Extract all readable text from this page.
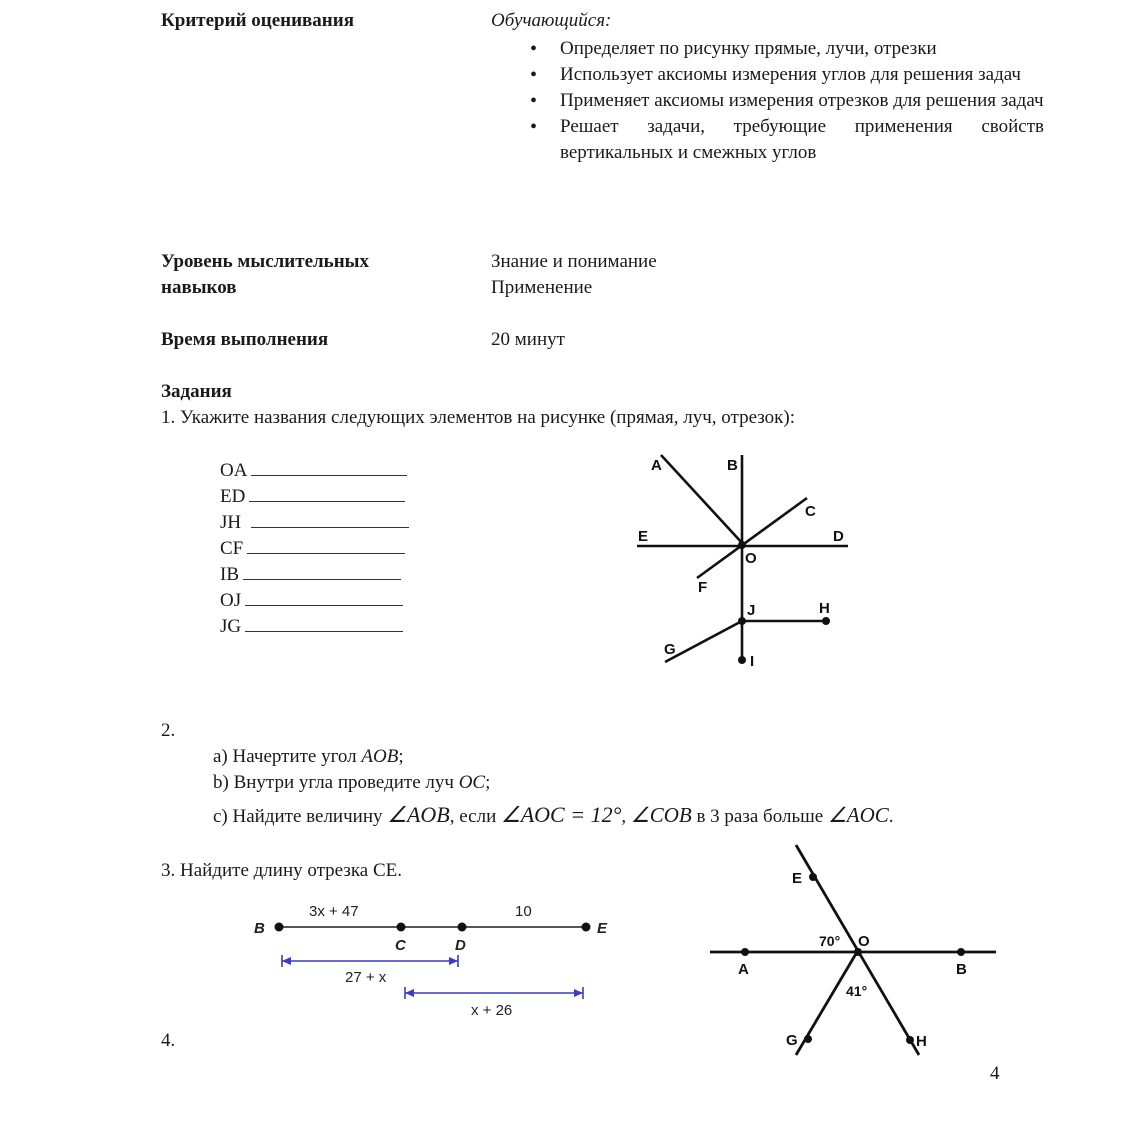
Критерий оценивания	Обучающийся:
• Определяет по рисунку прямые, лучи, отрезки
• Использует аксиомы измерения углов для решения задач
• Применяет аксиомы измерения отрезков для решения задач
• Решает задачи, требующие применения свойств вертикальных и смежных углов
Уровень мыслительных
навыков
Знание и понимание
Применение
Время выполнения	20 минут
Задания
1. Укажите названия следующих элементов на рисунке (прямая, луч, отрезок):
OA
ED
JH
CF
IB
OJ
JG
A	B
C
E	D
O
F
J	H
G
I
2.
a) Начертите угол AOB;
b) Внутри угла проведите луч OC;
c) Найдите величину ∠AOB, если ∠AOC = 12°, ∠COB в 3 раза больше ∠AOC.
3. Найдите длину отрезка CE.
B
C	D
E
3x + 47	10
27 + x
x + 26
4.
E
O
A	B
G	H
70°
41°
4
